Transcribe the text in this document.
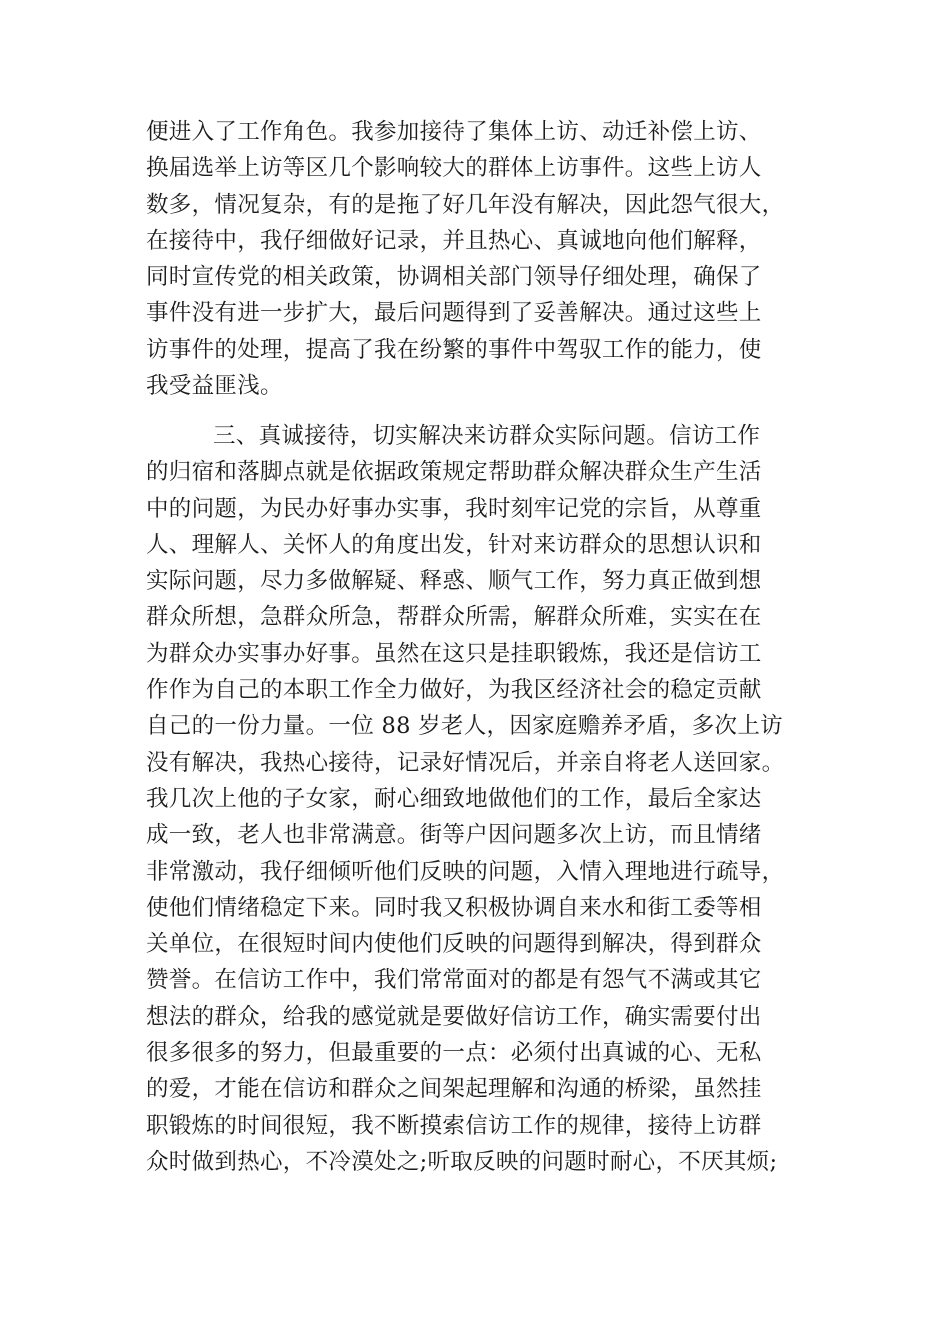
便进入了工作角色。我参加接待了集体上访、动迁补偿上访、
换届选举上访等区几个影响较大的群体上访事件。这些上访人
数多，情况复杂，有的是拖了好几年没有解决，因此怨气很大，
在接待中，我仔细做好记录，并且热心、真诚地向他们解释，
同时宣传党的相关政策，协调相关部门领导仔细处理，确保了
事件没有进一步扩大，最后问题得到了妥善解决。通过这些上
访事件的处理，提高了我在纷繁的事件中驾驭工作的能力，使
我受益匪浅。
三、真诚接待，切实解决来访群众实际问题。信访工作
的归宿和落脚点就是依据政策规定帮助群众解决群众生产生活
中的问题，为民办好事办实事，我时刻牢记党的宗旨，从尊重
人、理解人、关怀人的角度出发，针对来访群众的思想认识和
实际问题，尽力多做解疑、释惑、顺气工作，努力真正做到想
群众所想，急群众所急，帮群众所需，解群众所难，实实在在
为群众办实事办好事。虽然在这只是挂职锻炼，我还是信访工
作作为自己的本职工作全力做好，为我区经济社会的稳定贡献
自己的一份力量。一位 88 岁老人，因家庭赡养矛盾，多次上访
没有解决，我热心接待，记录好情况后，并亲自将老人送回家。
我几次上他的子女家，耐心细致地做他们的工作，最后全家达
成一致，老人也非常满意。街等户因问题多次上访，而且情绪
非常激动，我仔细倾听他们反映的问题，入情入理地进行疏导，
使他们情绪稳定下来。同时我又积极协调自来水和街工委等相
关单位，在很短时间内使他们反映的问题得到解决，得到群众
赞誉。在信访工作中，我们常常面对的都是有怨气不满或其它
想法的群众，给我的感觉就是要做好信访工作，确实需要付出
很多很多的努力，但最重要的一点：必须付出真诚的心、无私
的爱，才能在信访和群众之间架起理解和沟通的桥梁，虽然挂
职锻炼的时间很短，我不断摸索信访工作的规律，接待上访群
众时做到热心，不冷漠处之;听取反映的问题时耐心，不厌其烦;
